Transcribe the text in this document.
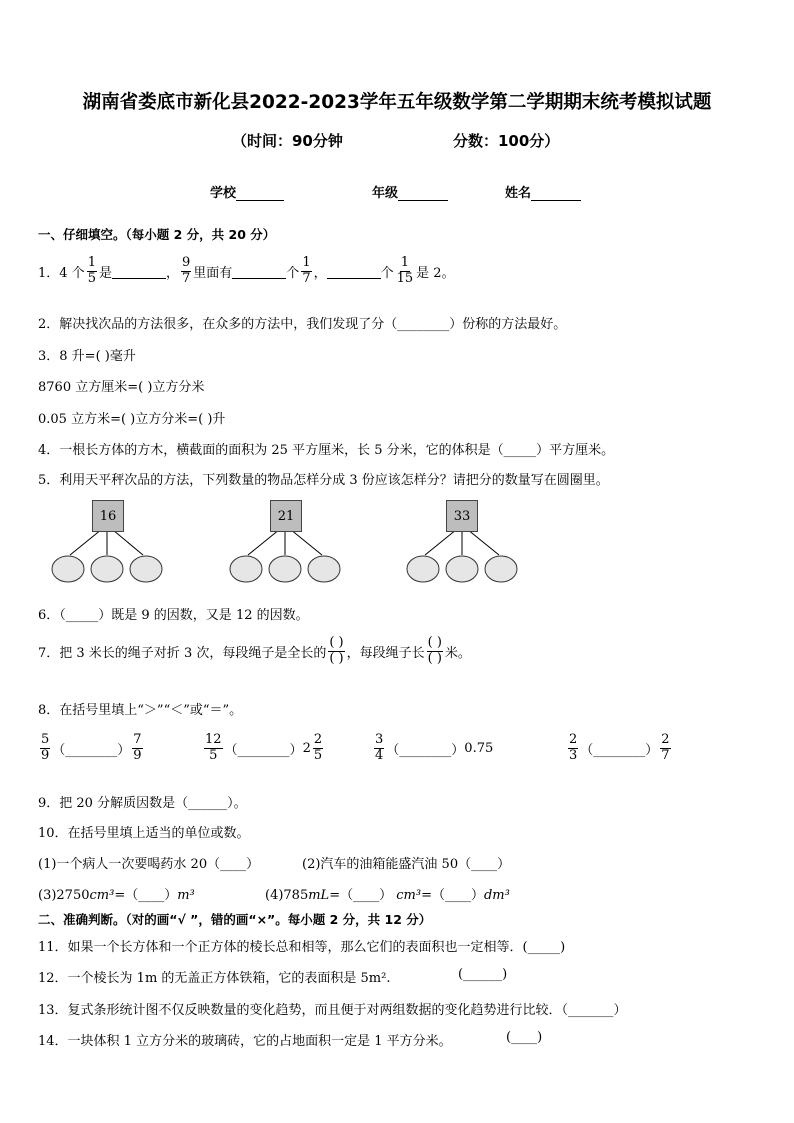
湖南省娄底市新化县2022-2023学年五年级数学第二学期期末统考模拟试题
（时间：90分钟	分数：100分）
学校	年级	姓名
一、仔细填空。（每小题 2 分，共 20 分）
1．4 个 $\frac{1}{5}$ 是	， $\frac{9}{7}$ 里面有	个 $\frac{1}{7}$ ，	个 $\frac{1}{15}$ 是 2。
2．解决找次品的方法很多，在众多的方法中，我们发现了分（________）份称的方法最好。
3．8 升=( )毫升
8760 立方厘米=( )立方分米
0.05 立方米=( )立方分米=( )升
4．一根长方体的方木，横截面的面积为 25 平方厘米，长 5 分米，它的体积是（_____）平方厘米。
5．利用天平秤次品的方法，下列数量的物品怎样分成 3 份应该怎样分？请把分的数量写在圆圈里。
16	21	33
6．（_____）既是 9 的因数，又是 12 的因数。
7．把 3 米长的绳子对折 3 次，每段绳子是全长的 $\frac{( )}{( )}$ ，每段绳子长 $\frac{( )}{( )}$ 米。
8．在括号里填上“＞”“＜”或“＝”。
$\frac{5}{9}$ （________） $\frac{7}{9}$	$\frac{12}{5}$ （________） $2 \frac{2}{5}$	$\frac{3}{4}$ （________） 0.75	$\frac{2}{3}$ （________） $\frac{2}{7}$
9．把 20 分解质因数是（______）。
10．在括号里填上适当的单位或数。
(1)一个病人一次要喝药水 20（____）	(2)汽车的油箱能盛汽油 50（____）
(3)2750cm³=（____）m³	(4)785mL=（____） cm³=（____）dm³
二、准确判断。（对的画“√ ”，错的画“×”。每小题 2 分，共 12 分）
11．如果一个长方体和一个正方体的棱长总和相等，那么它们的表面积也一定相等．(_____)
12．一个棱长为 1m 的无盖正方体铁箱，它的表面积是 5m².	(______)
13．复式条形统计图不仅反映数量的变化趋势，而且便于对两组数据的变化趋势进行比较．（_______）
14．一块体积 1 立方分米的玻璃砖，它的占地面积一定是 1 平方分米。	(____)
